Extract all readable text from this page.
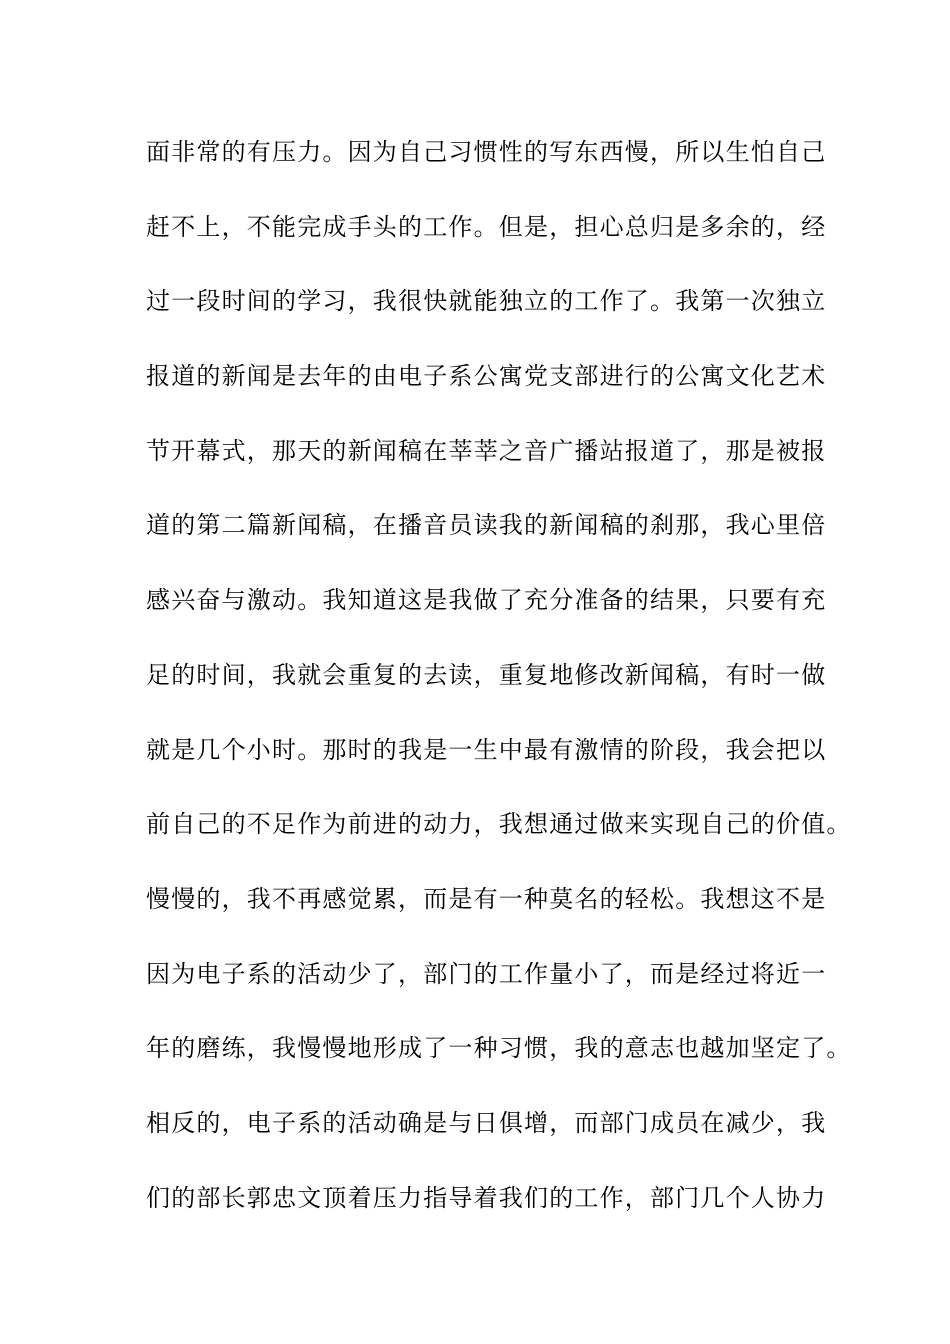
面非常的有压力。因为自己习惯性的写东西慢，所以生怕自己
赶不上，不能完成手头的工作。但是，担心总归是多余的，经
过一段时间的学习，我很快就能独立的工作了。我第一次独立
报道的新闻是去年的由电子系公寓党支部进行的公寓文化艺术
节开幕式，那天的新闻稿在莘莘之音广播站报道了，那是被报
道的第二篇新闻稿，在播音员读我的新闻稿的刹那，我心里倍
感兴奋与激动。我知道这是我做了充分准备的结果，只要有充
足的时间，我就会重复的去读，重复地修改新闻稿，有时一做
就是几个小时。那时的我是一生中最有激情的阶段，我会把以
前自己的不足作为前进的动力，我想通过做来实现自己的价值。
慢慢的，我不再感觉累，而是有一种莫名的轻松。我想这不是
因为电子系的活动少了，部门的工作量小了，而是经过将近一
年的磨练，我慢慢地形成了一种习惯，我的意志也越加坚定了。
相反的，电子系的活动确是与日俱增，而部门成员在减少，我
们的部长郭忠文顶着压力指导着我们的工作，部门几个人协力
